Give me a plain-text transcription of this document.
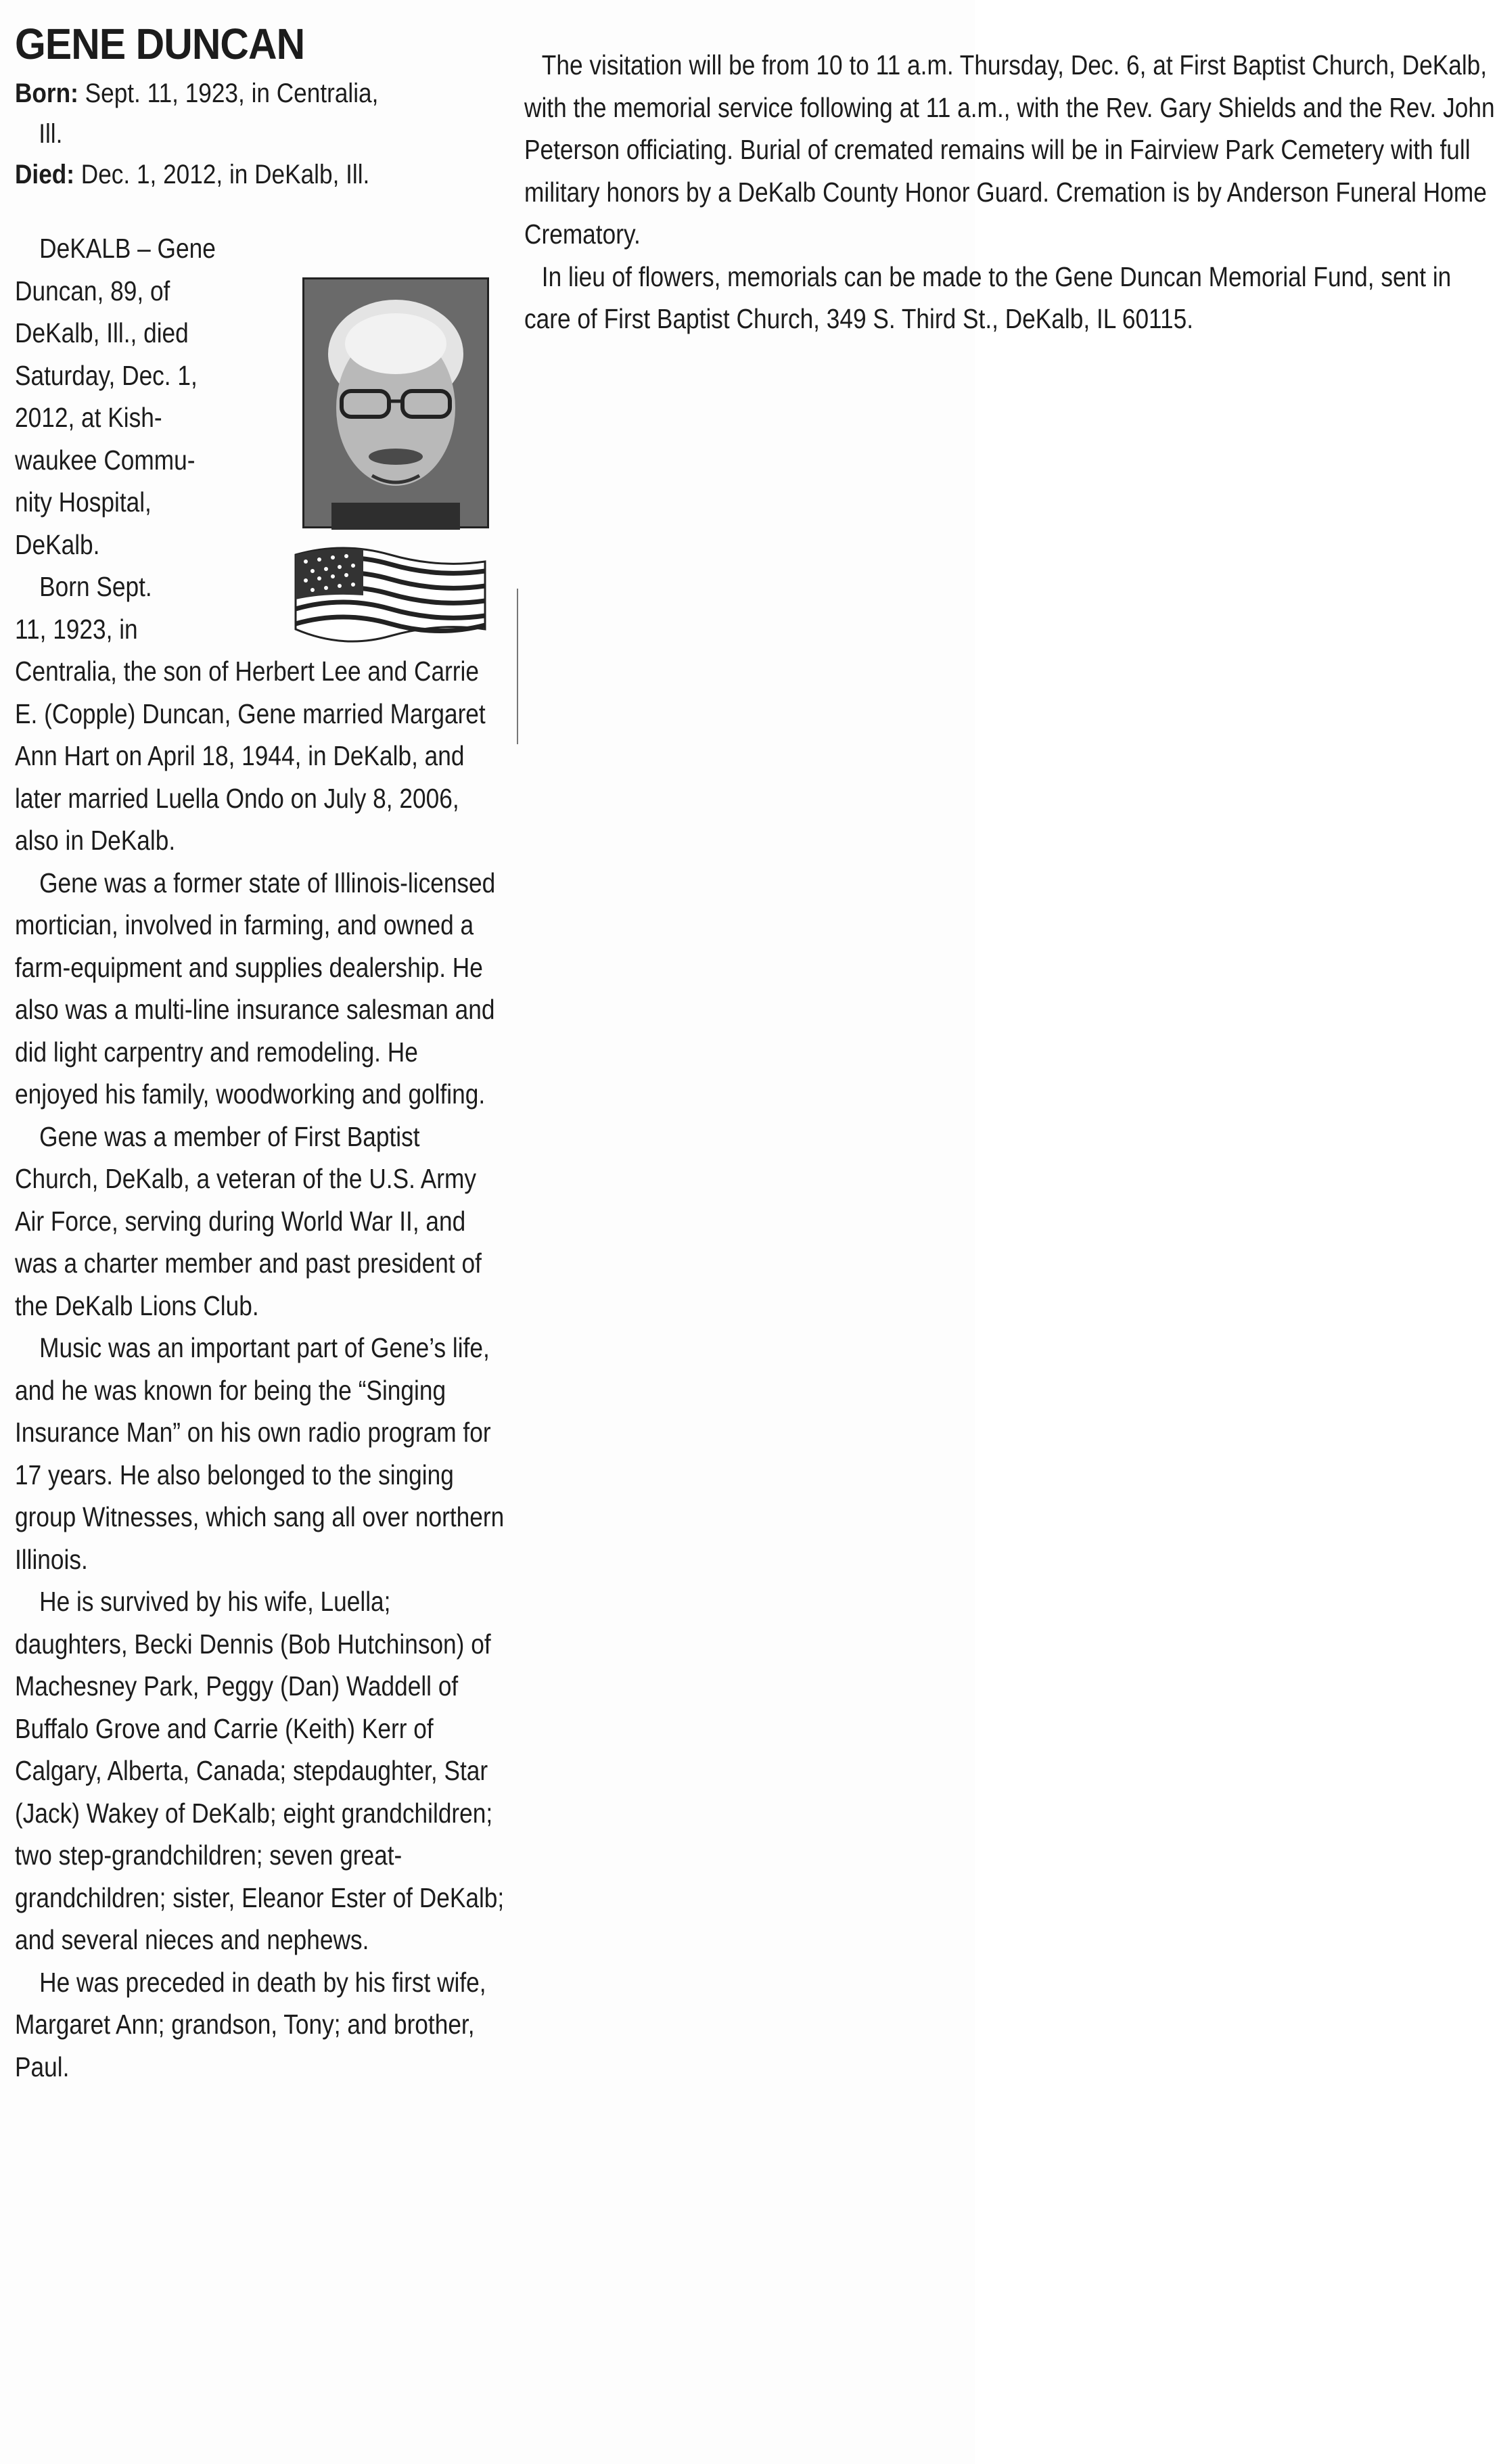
GENE DUNCAN
Born: Sept. 11, 1923, in Centralia,
Ill.
Died: Dec. 1, 2012, in DeKalb, Ill.
DeKALB – Gene
Duncan, 89, of
DeKalb, Ill., died
Saturday, Dec. 1,
2012, at Kish-
waukee Commu-
nity Hospital,
DeKalb.
Born Sept.
11, 1923, in

Centralia, the son of Herbert Lee and Carrie E. (Copple) Duncan, Gene married Margaret Ann Hart on April 18, 1944, in DeKalb, and later married Luella Ondo on July 8, 2006, also in DeKalb.

Gene was a former state of Illinois-licensed mortician, involved in farming, and owned a farm-equipment and supplies dealership. He also was a multi-line insurance salesman and did light carpentry and remodeling. He enjoyed his family, woodworking and golfing.

Gene was a member of First Baptist Church, DeKalb, a veteran of the U.S. Army Air Force, serving during World War II, and was a charter member and past president of the DeKalb Lions Club.

Music was an important part of Gene’s life, and he was known for being the “Singing Insurance Man” on his own radio program for 17 years. He also belonged to the singing group Witnesses, which sang all over northern Illinois.

He is survived by his wife, Luella; daughters, Becki Dennis (Bob Hutchinson) of Machesney Park, Peggy (Dan) Waddell of Buffalo Grove and Carrie (Keith) Kerr of Calgary, Alberta, Canada; stepdaughter, Star (Jack) Wakey of DeKalb; eight grandchildren; two step-grandchildren; seven great-grandchildren; sister, Eleanor Ester of DeKalb; and several nieces and nephews.

He was preceded in death by his first wife, Margaret Ann; grandson, Tony; and brother, Paul.

The visitation will be from 10 to 11 a.m. Thursday, Dec. 6, at First Baptist Church, DeKalb, with the memorial service following at 11 a.m., with the Rev. Gary Shields and the Rev. John Peterson officiating. Burial of cremated remains will be in Fairview Park Cemetery with full military honors by a DeKalb County Honor Guard. Cremation is by Anderson Funeral Home Crematory.

In lieu of flowers, memorials can be made to the Gene Duncan Memorial Fund, sent in care of First Baptist Church, 349 S. Third St., DeKalb, IL 60115.
